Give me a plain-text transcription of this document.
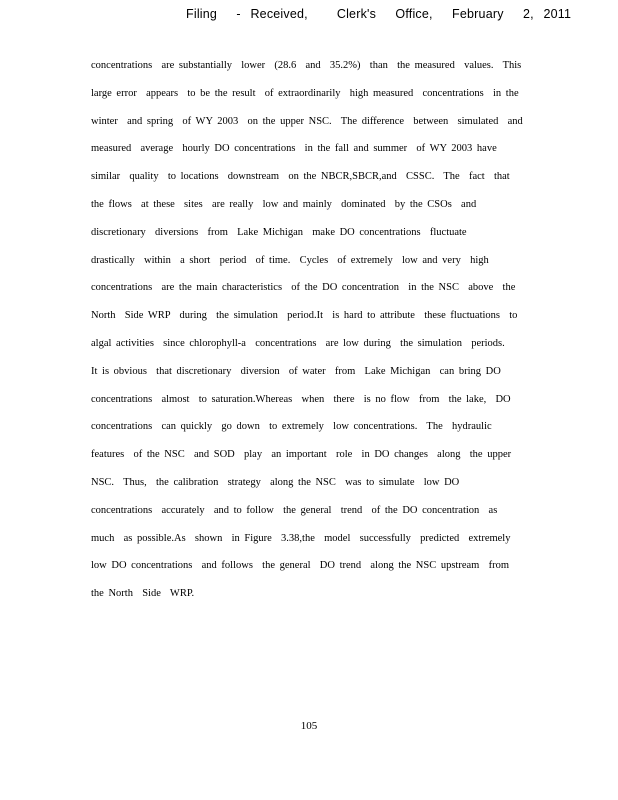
Filing  - Received,   Clerk's  Office,  February  2, 2011
concentrations  are substantially  lower  (28.6  and  35.2%)  than  the measured  values.  This
large error  appears  to be the result  of extraordinarily  high measured  concentrations  in the
winter  and spring  of WY 2003  on the upper NSC.  The difference  between  simulated  and
measured  average  hourly DO concentrations  in the fall and summer  of WY 2003 have
similar  quality  to locations  downstream  on the NBCR,SBCR,and  CSSC.  The  fact  that
the flows  at these  sites  are really  low and mainly  dominated  by the CSOs  and
discretionary  diversions  from  Lake Michigan  make DO concentrations  fluctuate
drastically  within  a short  period  of time.  Cycles  of extremely  low and very  high
concentrations  are the main characteristics  of the DO concentration  in the NSC  above  the
North  Side WRP  during  the simulation  period.It  is hard to attribute  these fluctuations  to
algal activities  since chlorophyll-a  concentrations  are low during  the simulation  periods.
It is obvious  that discretionary  diversion  of water  from  Lake Michigan  can bring DO
concentrations  almost  to saturation.Whereas  when  there  is no flow  from  the lake,  DO
concentrations  can quickly  go down  to extremely  low concentrations.  The  hydraulic
features  of the NSC  and SOD  play  an important  role  in DO changes  along  the upper
NSC.  Thus,  the calibration  strategy  along the NSC  was to simulate  low DO
concentrations  accurately  and to follow  the general  trend  of the DO concentration  as
much  as possible.As  shown  in Figure  3.38,the  model  successfully  predicted  extremely
low DO concentrations  and follows  the general  DO trend  along the NSC upstream  from
the North  Side  WRP.
105
